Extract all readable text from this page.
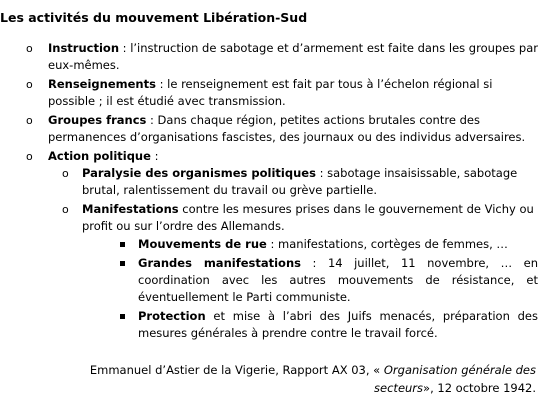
Les activités du mouvement Libération-Sud
o Instruction : l’instruction de sabotage et d’armement est faite dans les groupes par eux-mêmes.
o Renseignements : le renseignement est fait par tous à l’échelon régional si possible ; il est étudié avec transmission.
o Groupes francs : Dans chaque région, petites actions brutales contre des permanences d’organisations fascistes, des journaux ou des individus adversaires.
o Action politique :
o Paralysie des organismes politiques : sabotage insaisissable, sabotage brutal, ralentissement du travail ou grève partielle.
o Manifestations contre les mesures prises dans le gouvernement de Vichy ou profit ou sur l’ordre des Allemands.
Mouvements de rue : manifestations, cortèges de femmes, …
Grandes manifestations : 14 juillet, 11 novembre, … en coordination avec les autres mouvements de résistance, et éventuellement le Parti communiste.
Protection et mise à l’abri des Juifs menacés, préparation des mesures générales à prendre contre le travail forcé.
Emmanuel d’Astier de la Vigerie, Rapport AX 03, « Organisation générale des secteurs», 12 octobre 1942.
